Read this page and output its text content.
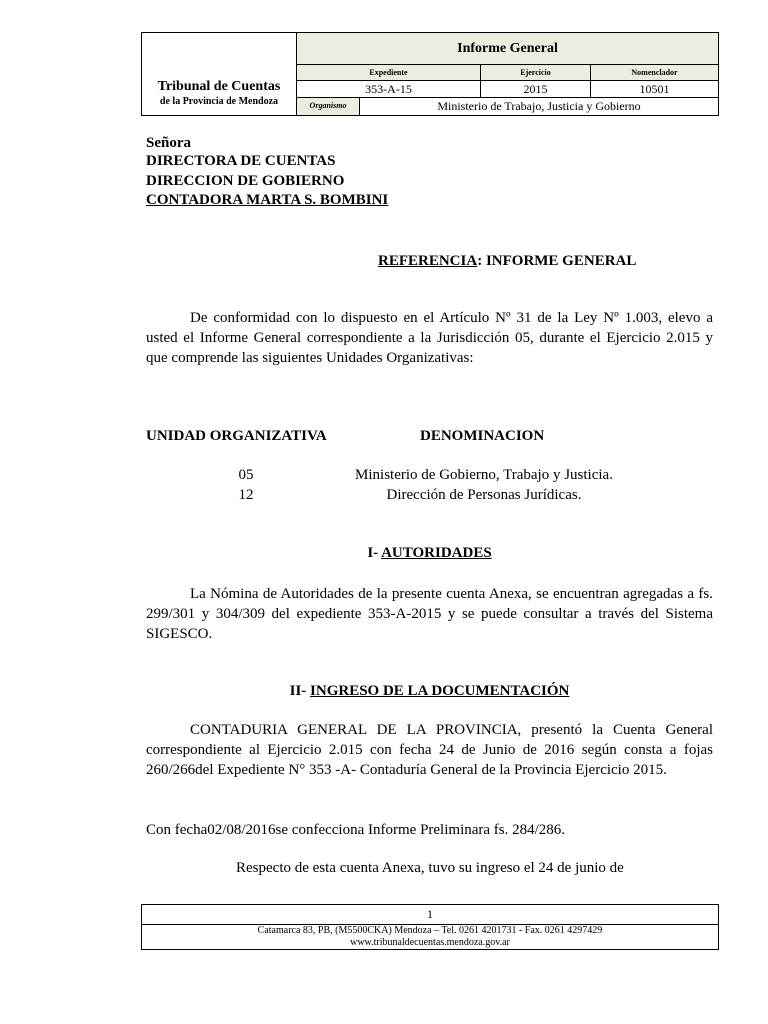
Tribunal de Cuentas
de la Provincia de Mendoza
Informe General
Expediente	Ejercicio	Nomenclador
353-A-15	2015	10501
Organismo	Ministerio de Trabajo, Justicia y Gobierno
Señora
DIRECTORA DE CUENTAS
DIRECCION DE GOBIERNO
CONTADORA MARTA S. BOMBINI
REFERENCIA: INFORME GENERAL
De conformidad con lo dispuesto en el Artículo Nº 31 de la Ley Nº 1.003, elevo a usted el Informe General correspondiente a la Jurisdicción 05, durante el Ejercicio 2.015 y que comprende las siguientes Unidades Organizativas:
UNIDAD ORGANIZATIVA	DENOMINACION
05	Ministerio de Gobierno, Trabajo y Justicia.
12	Dirección de Personas Jurídicas.
I- AUTORIDADES
La Nómina de Autoridades de la presente cuenta Anexa, se encuentran agregadas a fs. 299/301 y 304/309 del expediente 353-A-2015 y se puede consultar a través del Sistema SIGESCO.
II- INGRESO DE LA DOCUMENTACIÓN
CONTADURIA GENERAL DE LA PROVINCIA, presentó la Cuenta General correspondiente al Ejercicio 2.015 con fecha 24 de Junio de 2016 según consta a fojas 260/266del Expediente N° 353 -A- Contaduría General de la Provincia Ejercicio 2015.
Con fecha02/08/2016se confecciona Informe Preliminara fs. 284/286.
Respecto de esta cuenta Anexa, tuvo su ingreso el 24 de junio de
1
Catamarca 83, PB, (M5500CKA) Mendoza – Tel. 0261 4201731 - Fax. 0261 4297429
www.tribunaldecuentas.mendoza.gov.ar
